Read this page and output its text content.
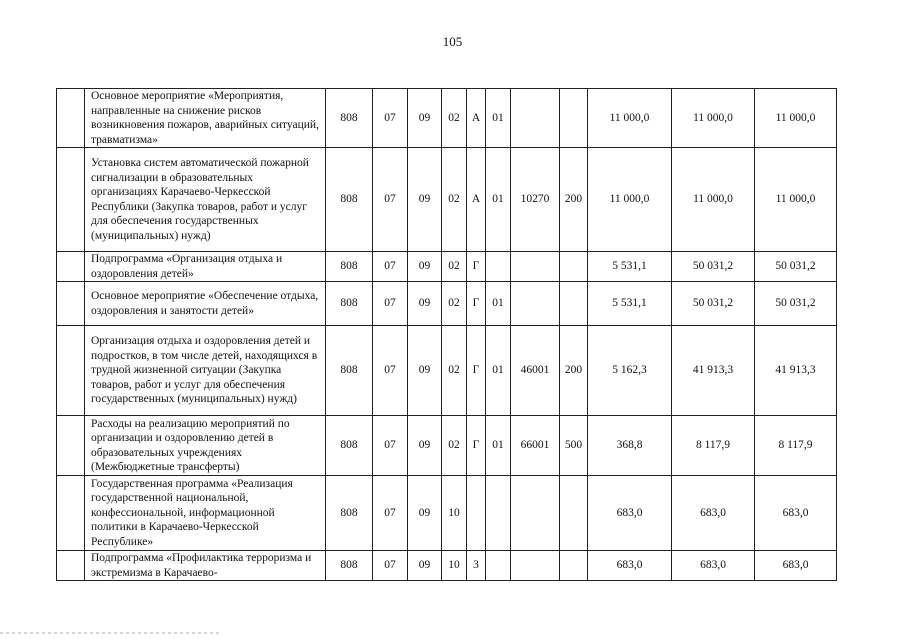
105
	Основное мероприятие «Мероприятия, направленные на снижение рисков возникновения пожаров, аварийных ситуаций, травматизма»	808	07	09	02	А	01			11 000,0	11 000,0	11 000,0
	Установка систем автоматической пожарной сигнализации в образовательных организациях Карачаево-Черкесской Республики (Закупка товаров, работ и услуг для обеспечения государственных (муниципальных) нужд)	808	07	09	02	А	01	10270	200	11 000,0	11 000,0	11 000,0
	Подпрограмма «Организация отдыха и оздоровления детей»	808	07	09	02	Г				5 531,1	50 031,2	50 031,2
	Основное мероприятие «Обеспечение отдыха, оздоровления и занятости детей»	808	07	09	02	Г	01			5 531,1	50 031,2	50 031,2
	Организация отдыха и оздоровления детей и подростков, в том числе детей, находящихся в трудной жизненной ситуации (Закупка товаров, работ и услуг для обеспечения государственных (муниципальных) нужд)	808	07	09	02	Г	01	46001	200	5 162,3	41 913,3	41 913,3
	Расходы на реализацию мероприятий по организации и оздоровлению детей в образовательных учреждениях (Межбюджетные трансферты)	808	07	09	02	Г	01	66001	500	368,8	8 117,9	8 117,9
	Государственная программа «Реализация государственной национальной, конфессиональной, информационной политики в Карачаево-Черкесской Республике»	808	07	09	10					683,0	683,0	683,0
	Подпрограмма «Профилактика терроризма и экстремизма в Карачаево-	808	07	09	10	3				683,0	683,0	683,0
